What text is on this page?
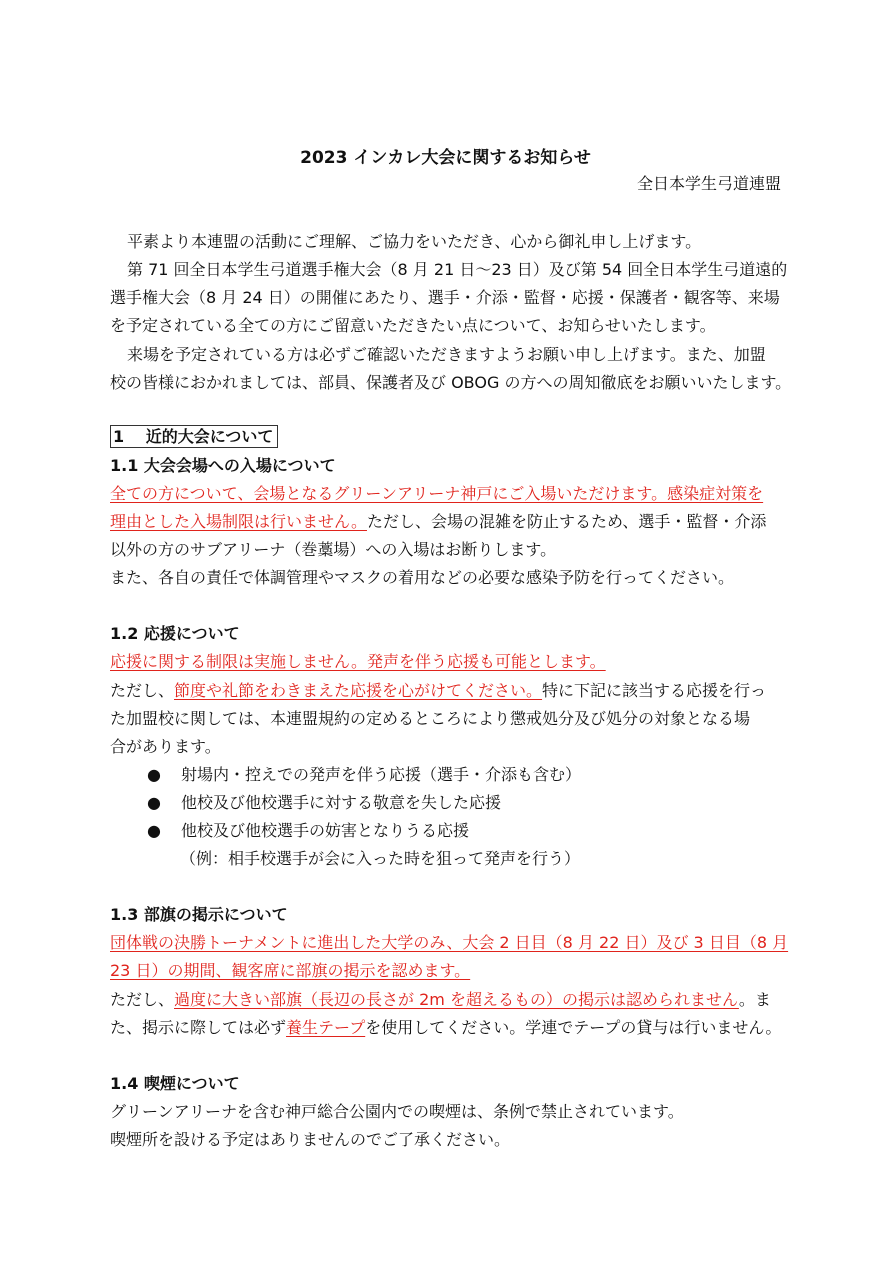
2023 インカレ大会に関するお知らせ
全日本学生弓道連盟
平素より本連盟の活動にご理解、ご協力をいただき、心から御礼申し上げます。
第 71 回全日本学生弓道選手権大会（8 月 21 日～23 日）及び第 54 回全日本学生弓道遠的
選手権大会（8 月 24 日）の開催にあたり、選手・介添・監督・応援・保護者・観客等、来場
を予定されている全ての方にご留意いただきたい点について、お知らせいたします。
来場を予定されている方は必ずご確認いただきますようお願い申し上げます。また、加盟
校の皆様におかれましては、部員、保護者及び OBOG の方への周知徹底をお願いいたします。
1　 近的大会について
1.1 大会会場への入場について
全ての方について、会場となるグリーンアリーナ神戸にご入場いただけます。感染症対策を
理由とした入場制限は行いません。ただし、会場の混雑を防止するため、選手・監督・介添
以外の方のサブアリーナ（巻藁場）への入場はお断りします。
また、各自の責任で体調管理やマスクの着用などの必要な感染予防を行ってください。
1.2 応援について
応援に関する制限は実施しません。発声を伴う応援も可能とします。
ただし、節度や礼節をわきまえた応援を心がけてください。特に下記に該当する応援を行っ
た加盟校に関しては、本連盟規約の定めるところにより懲戒処分及び処分の対象となる場
合があります。
● 射場内・控えでの発声を伴う応援（選手・介添も含む）
● 他校及び他校選手に対する敬意を失した応援
● 他校及び他校選手の妨害となりうる応援
（例：相手校選手が会に入った時を狙って発声を行う）
1.3 部旗の掲示について
団体戦の決勝トーナメントに進出した大学のみ、大会 2 日目（8 月 22 日）及び 3 日目（8 月
23 日）の期間、観客席に部旗の掲示を認めます。
ただし、過度に大きい部旗（長辺の長さが 2m を超えるもの）の掲示は認められません。ま
た、掲示に際しては必ず養生テープを使用してください。学連でテープの貸与は行いません。
1.4 喫煙について
グリーンアリーナを含む神戸総合公園内での喫煙は、条例で禁止されています。
喫煙所を設ける予定はありませんのでご了承ください。
